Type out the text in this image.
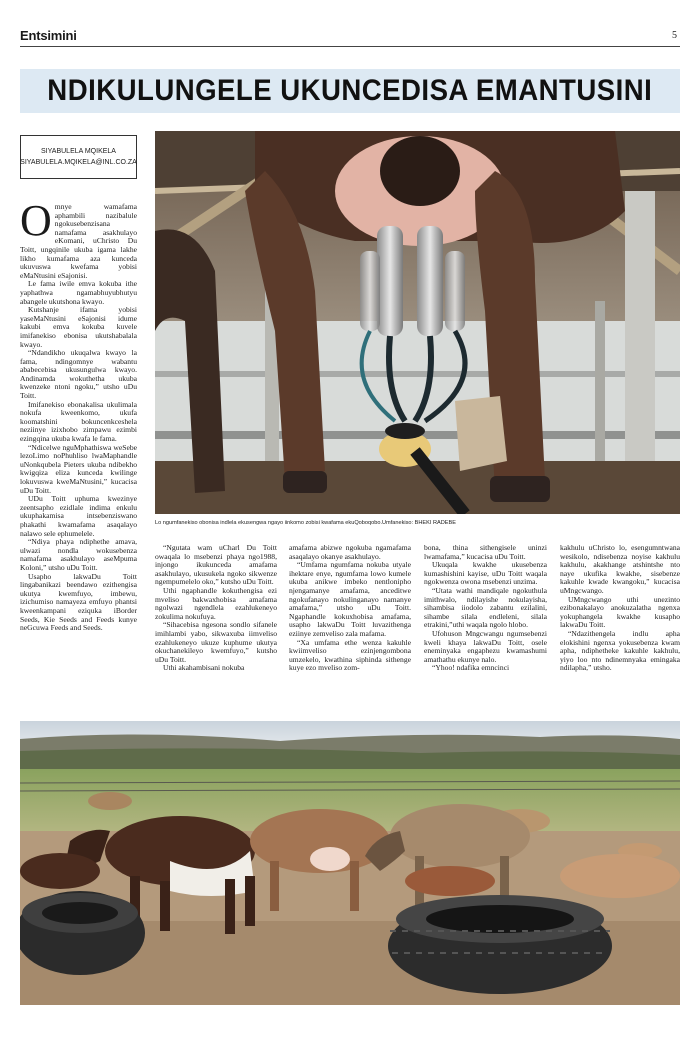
Entsimini	5
NDIKULUNGELE UKUNCEDISA EMANTUSINI
SIYABULELA MQIKELA
SIYABULELA.MQIKELA@INL.CO.ZA
Lo ngumfanekiso obonisa indlela ekusengwa ngayo iinkomo zobisi kwafama ekuQoboqobo.Umfanekiso: BHEKI RADEBE

Omnye wamafama aphambili nazibalule ngokusebenzisana namafama asakhulayo eKomani, uChristo Du Toitt, ungqinile ukuba igama lakhe likho kumafama aza kunceda ukuvuswa kwefama yobisi eMaNtusini eSajonisi.

Le fama iwile emva kokuba ithe yaphathwa ngamabhuyubhutyu abangele ukutshona kwayo.

Kutshanje ifama yobisi yaseMaNtusini eSajonisi idume kakubi emva kokuba kuvele imifanekiso ebonisa ukutshabalala kwayo.

“Ndandikho ukuqalwa kwayo la fama, ndingomnye wabantu ababecebisa ukusungulwa kwayo. Andinamda wokuthetha ukuba kwenzeke ntoni ngoku,” utsho uDu Toitt.

Imifanekiso ebonakalisa ukulimala nokufa kweenkomo, ukufa koomatshini bokuncenkceshela neziinye izixhobo zimpawu ezimbi ezingqina ukuba kwafa le fama.

“Ndicelwe nguMphathiswa weSebe lezoLimo noPhuhliso lwaMaphandle uNonkqubela Pieters ukuba ndibekho kwigqiza eliza kunceda kwilinge lokuvuswa kweMaNtusini,” kucacisa uDu Toitt.

UDu Toitt uphuma kwezinye zeentsapho ezidlale indima enkulu ukuphakamisa intsebenziswano phakathi kwamafama asaqalayo nalawo sele ephumelele.

“Ndiya phaya ndiphethe amava, ulwazi nondla wokusebenza namafama asakhulayo aseMpuma Koloni,” utsho uDu Toitt.

Usapho lakwaDu Toitt lingabanikazi beendawo ezithengisa ukutya kwemfuyo, imbewu, izichumiso namayeza emfuyo phantsi kweenkampani eziquka iBorder Seeds, Kie Seeds and Feeds kunye neGcuwa Feeds and Seeds.

“Ngutata wam uCharl Du Toitt owaqala lo msebenzi phaya ngo1988, injongo ikukunceda amafama asakhulayo, ukusukela ngoko sikwenze ngempumelelo oko,” kutsho uDu Toitt.

Uthi ngaphandle kokuthengisa ezi mveliso bakwaxhobisa amafama ngolwazi ngendlela ezahlukeneyo zokulima nokufuya.

“Sihacebisa ngesona sondlo sifanele imihlambi yabo, sikwaxuba iimveliso ezahlukeneyo ukuze kuphume ukutya okuchanekileyo kwemfuyo,” kutsho uDu Toitt.

Uthi akahambisani nokuba

amafama abizwe ngokuba ngamafama asaqalayo okanye asakhulayo.

“Umfama ngumfama nokuba utyale ihektare enye, ngumfama lowo kumele ukuba anikwe imbeko nentlonipho njengamanye amafama, anceditwe ngokufanayo nokulinganayo namanye amafama,” utsho uDu Toitt. Ngaphandle kokuxhobisa amafama, usapho lakwaDu Toitt luvazithenga eziinye zemveliso zala mafama.

“Xa umfama ethe wenza kakuhle kwiimveliso ezinjengombona umzekelo, kwathina siphinda sithenge kuye ezo mveliso zom-

bona, thina sithengisele uninzi lwamafama,” kucacisa uDu Toitt.

Ukuqala kwakhe ukusebenza kumashishini kayise, uDu Toitt waqala ngokwenza owona msebenzi unzima.

“Utata wathi mandiqale ngokuthula imithwalo, ndilayishe nokulayisha, sihambisa iiodolo zabantu ezilalini, sihambe silala endleleni, silala etrakini,”uthi waqala ngolo hlobo.

Ufohuson Mngcwangu ngumsebenzi kweli khaya lakwaDu Toitt, osele eneminyaka engaphezu kwamashumi amathathu ekunye nalo.

“Yhoo! ndafika emncinci

kakhulu uChristo lo, esengumntwana wesikolo, ndisebenza noyise kakhulu kakhulu, akakhange atshintshe nto naye ukufika kwakhe, sisebenze kakuhle kwade kwangoku,” kucacisa uMngcwango.

UMngcwango uthi unezinto ezibonakalayo anokuzalatha ngenxa yokuphangela kwakhe kusapho lakwaDu Toitt.

“Ndazithengela indlu apha elokishini ngenxa yokusebenza kwam apha, ndiphetheke kakuhle kakhulu, yiyo loo nto ndinemnyaka emingaka ndilapha,” utsho.
